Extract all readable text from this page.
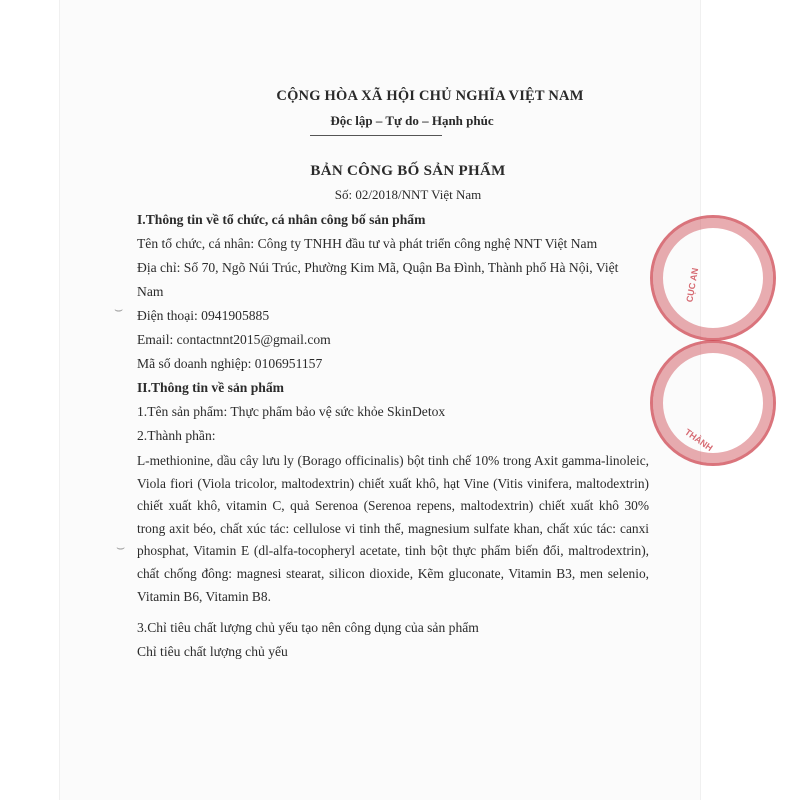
CỘNG HÒA XÃ HỘI CHỦ NGHĨA VIỆT NAM
Độc lập – Tự do – Hạnh phúc
BẢN CÔNG BỐ SẢN PHẨM
Số: 02/2018/NNT Việt Nam
I.Thông tin về tổ chức, cá nhân công bố sản phẩm
Tên tổ chức, cá nhân: Công ty TNHH đầu tư và phát triển công nghệ NNT Việt Nam
Địa chỉ: Số 70, Ngõ Núi Trúc, Phường Kim Mã, Quận Ba Đình, Thành phố Hà Nội, Việt
Nam
Điện thoại: 0941905885
Email: contactnnt2015@gmail.com
Mã số doanh nghiệp: 0106951157
II.Thông tin về sản phẩm
1.Tên sản phẩm: Thực phẩm bảo vệ sức khỏe SkinDetox
2.Thành phần:
L-methionine, dầu cây lưu ly (Borago officinalis) bột tinh chế 10% trong Axit gamma-linoleic, Viola fiori (Viola tricolor, maltodextrin) chiết xuất khô, hạt Vine (Vitis vinifera, maltodextrin) chiết xuất khô, vitamin C, quả Serenoa (Serenoa repens, maltodextrin) chiết xuất khô 30% trong axit béo, chất xúc tác: cellulose vi tinh thể, magnesium sulfate khan, chất xúc tác: canxi phosphat, Vitamin E (dl-alfa-tocopheryl acetate, tinh bột thực phẩm biến đổi, maltrodextrin), chất chống đông: magnesi stearat, silicon dioxide, Kẽm gluconate, Vitamin B3, men selenio, Vitamin B6, Vitamin B8.
3.Chỉ tiêu chất lượng chủ yếu tạo nên công dụng của sản phẩm
Chỉ tiêu chất lượng chủ yếu
CỤC AN
THÀNH
⌣
⌣
